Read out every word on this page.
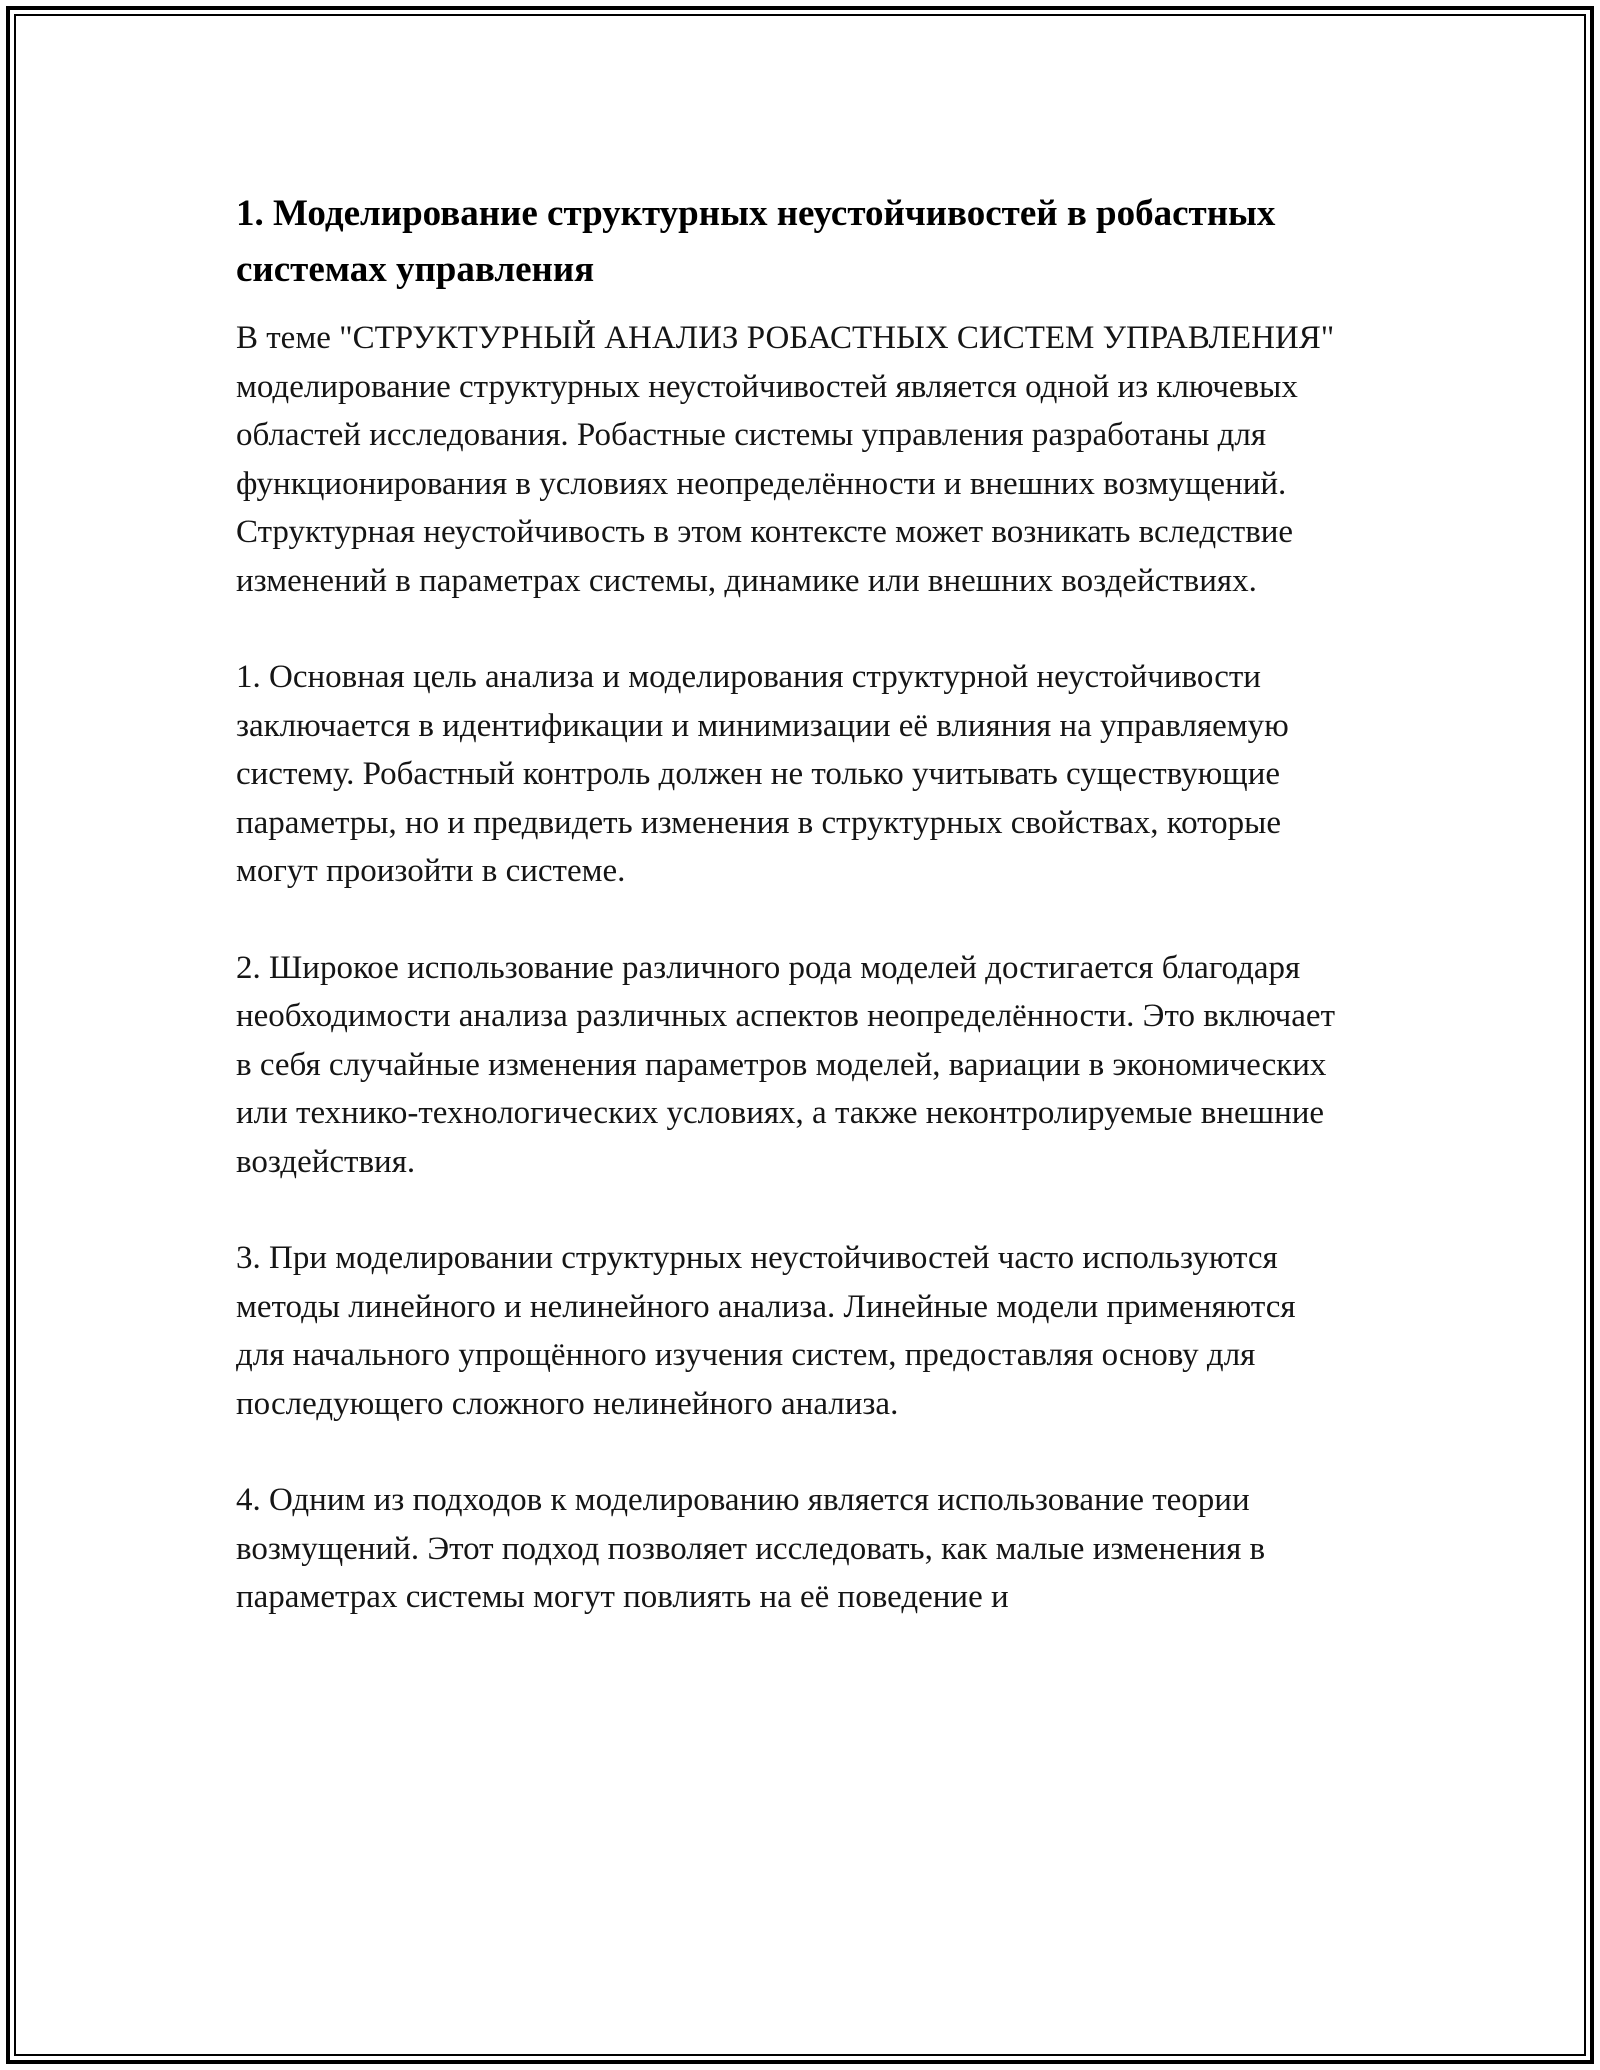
1. Моделирование структурных неустойчивостей в робастных системах управления

В теме "СТРУКТУРНЫЙ АНАЛИЗ РОБАСТНЫХ СИСТЕМ УПРАВЛЕНИЯ" моделирование структурных неустойчивостей является одной из ключевых областей исследования. Робастные системы управления разработаны для функционирования в условиях неопределённости и внешних возмущений. Структурная неустойчивость в этом контексте может возникать вследствие изменений в параметрах системы, динамике или внешних воздействиях.

1. Основная цель анализа и моделирования структурной неустойчивости заключается в идентификации и минимизации её влияния на управляемую систему. Робастный контроль должен не только учитывать существующие параметры, но и предвидеть изменения в структурных свойствах, которые могут произойти в системе.

2. Широкое использование различного рода моделей достигается благодаря необходимости анализа различных аспектов неопределённости. Это включает в себя случайные изменения параметров моделей, вариации в экономических или технико-технологических условиях, а также неконтролируемые внешние воздействия.

3. При моделировании структурных неустойчивостей часто используются методы линейного и нелинейного анализа. Линейные модели применяются для начального упрощённого изучения систем, предоставляя основу для последующего сложного нелинейного анализа.

4. Одним из подходов к моделированию является использование теории возмущений. Этот подход позволяет исследовать, как малые изменения в параметрах системы могут повлиять на её поведение и
